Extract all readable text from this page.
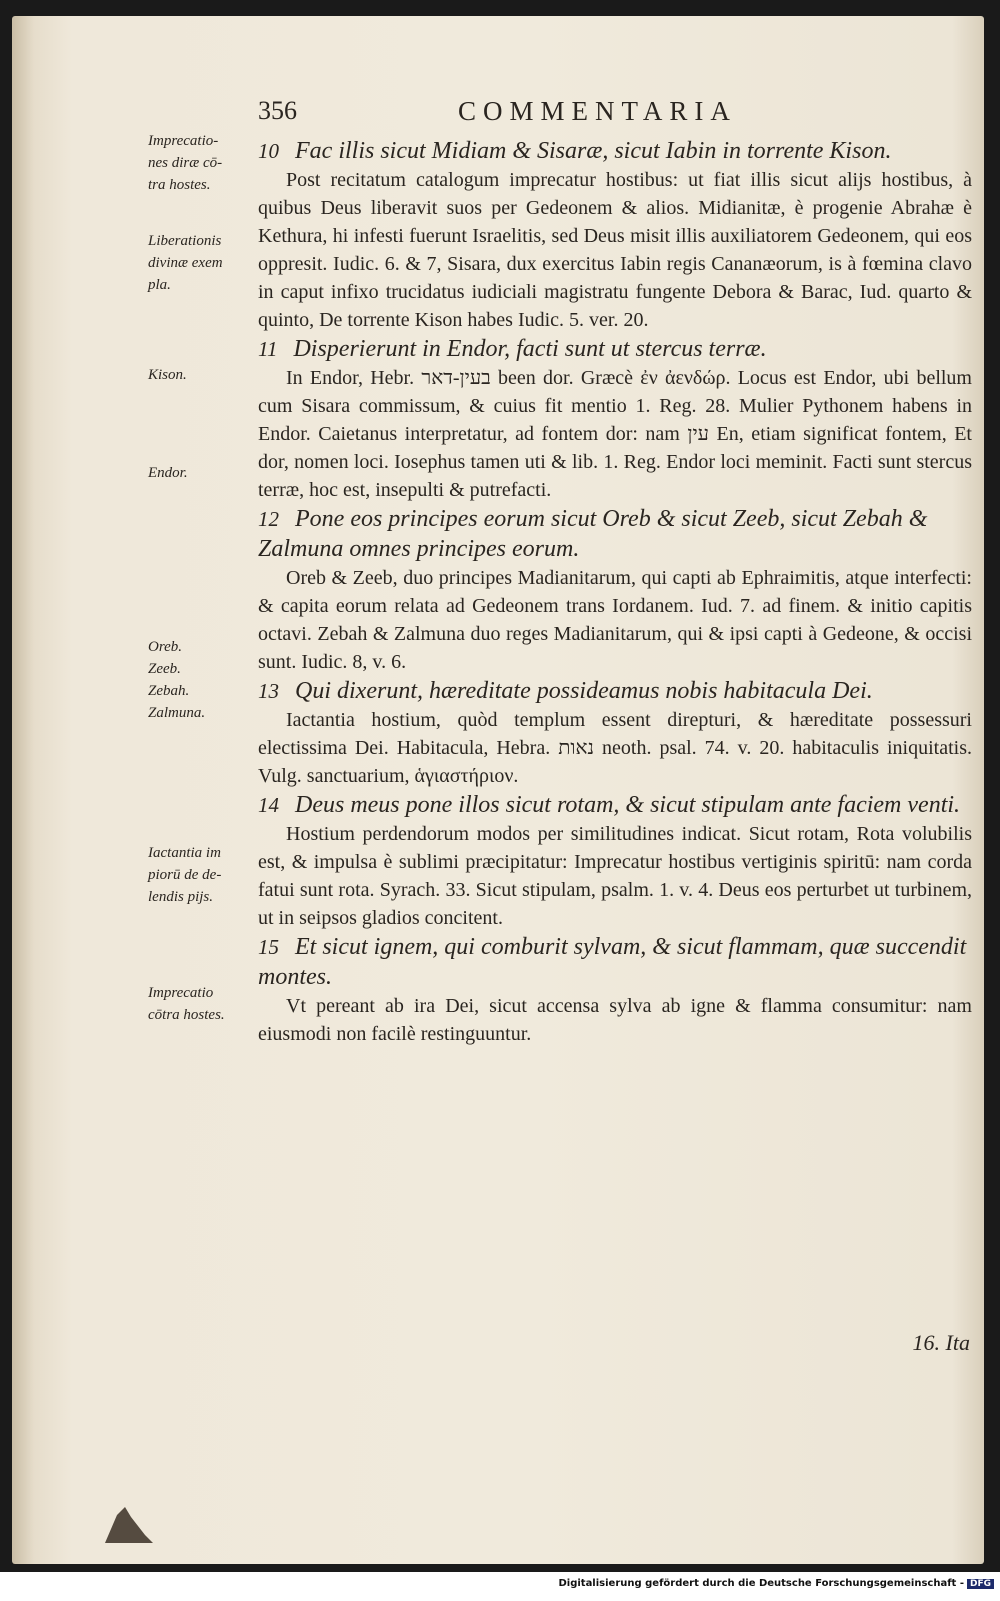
356	COMMENTARIA
Imprecatio-
nes diræ cō-
tra hostes.
Liberationis
divinæ exem
pla.
Kison.
Endor.
Oreb.
Zeeb.
Zebah.
Zalmuna.
Iactantia im
piorū de de-
lendis pijs.
Imprecatio
cōtra hostes.

10 Fac illis sicut Midiam & Sisaræ, sicut Iabin in torrente Kison.

Post recitatum catalogum imprecatur hostibus: ut fiat illis sicut alijs hostibus, à quibus Deus liberavit suos per Gedeonem & alios. Midianitæ, è progenie Abrahæ è Kethura, hi infesti fuerunt Israelitis, sed Deus misit illis auxiliatorem Gedeonem, qui eos oppresit. Iudic. 6. & 7, Sisara, dux exercitus Iabin regis Cananæorum, is à fœmina clavo in caput infixo trucidatus iudiciali magistratu fungente Debora & Barac, Iud. quarto & quinto, De torrente Kison habes Iudic. 5. ver. 20.

11 Disperierunt in Endor, facti sunt ut stercus terræ.

In Endor, Hebr. בעין-דאר been dor. Græcè ἐν ἀενδώρ. Locus est Endor, ubi bellum cum Sisara commissum, & cuius fit mentio 1. Reg. 28. Mulier Pythonem habens in Endor. Caietanus interpretatur, ad fontem dor: nam עין En, etiam significat fontem, Et dor, nomen loci. Iosephus tamen uti & lib. 1. Reg. Endor loci meminit. Facti sunt stercus terræ, hoc est, insepulti & putrefacti.

12 Pone eos principes eorum sicut Oreb & sicut Zeeb, sicut Zebah & Zalmuna omnes principes eorum.

Oreb & Zeeb, duo principes Madianitarum, qui capti ab Ephraimitis, atque interfecti: & capita eorum relata ad Gedeonem trans Iordanem. Iud. 7. ad finem. & initio capitis octavi. Zebah & Zalmuna duo reges Madianitarum, qui & ipsi capti à Gedeone, & occisi sunt. Iudic. 8, v. 6.

13 Qui dixerunt, hæreditate possideamus nobis habitacula Dei.

Iactantia hostium, quòd templum essent direpturi, & hæreditate possessuri electissima Dei. Habitacula, Hebra. נאות neoth. psal. 74. v. 20. habitaculis iniquitatis. Vulg. sanctuarium, ἁγιαστήριον.

14 Deus meus pone illos sicut rotam, & sicut stipulam ante faciem venti.

Hostium perdendorum modos per similitudines indicat. Sicut rotam, Rota volubilis est, & impulsa è sublimi præcipitatur: Imprecatur hostibus vertiginis spiritū: nam corda fatui sunt rota. Syrach. 33. Sicut stipulam, psalm. 1. v. 4. Deus eos perturbet ut turbinem, ut in seipsos gladios concitent.

15 Et sicut ignem, qui comburit sylvam, & sicut flammam, quæ succendit montes.

Vt pereant ab ira Dei, sicut accensa sylva ab igne & flamma consumitur: nam eiusmodi non facilè restinguuntur.

16. Ita
Digitalisierung gefördert durch die Deutsche Forschungsgemeinschaft - DFG
